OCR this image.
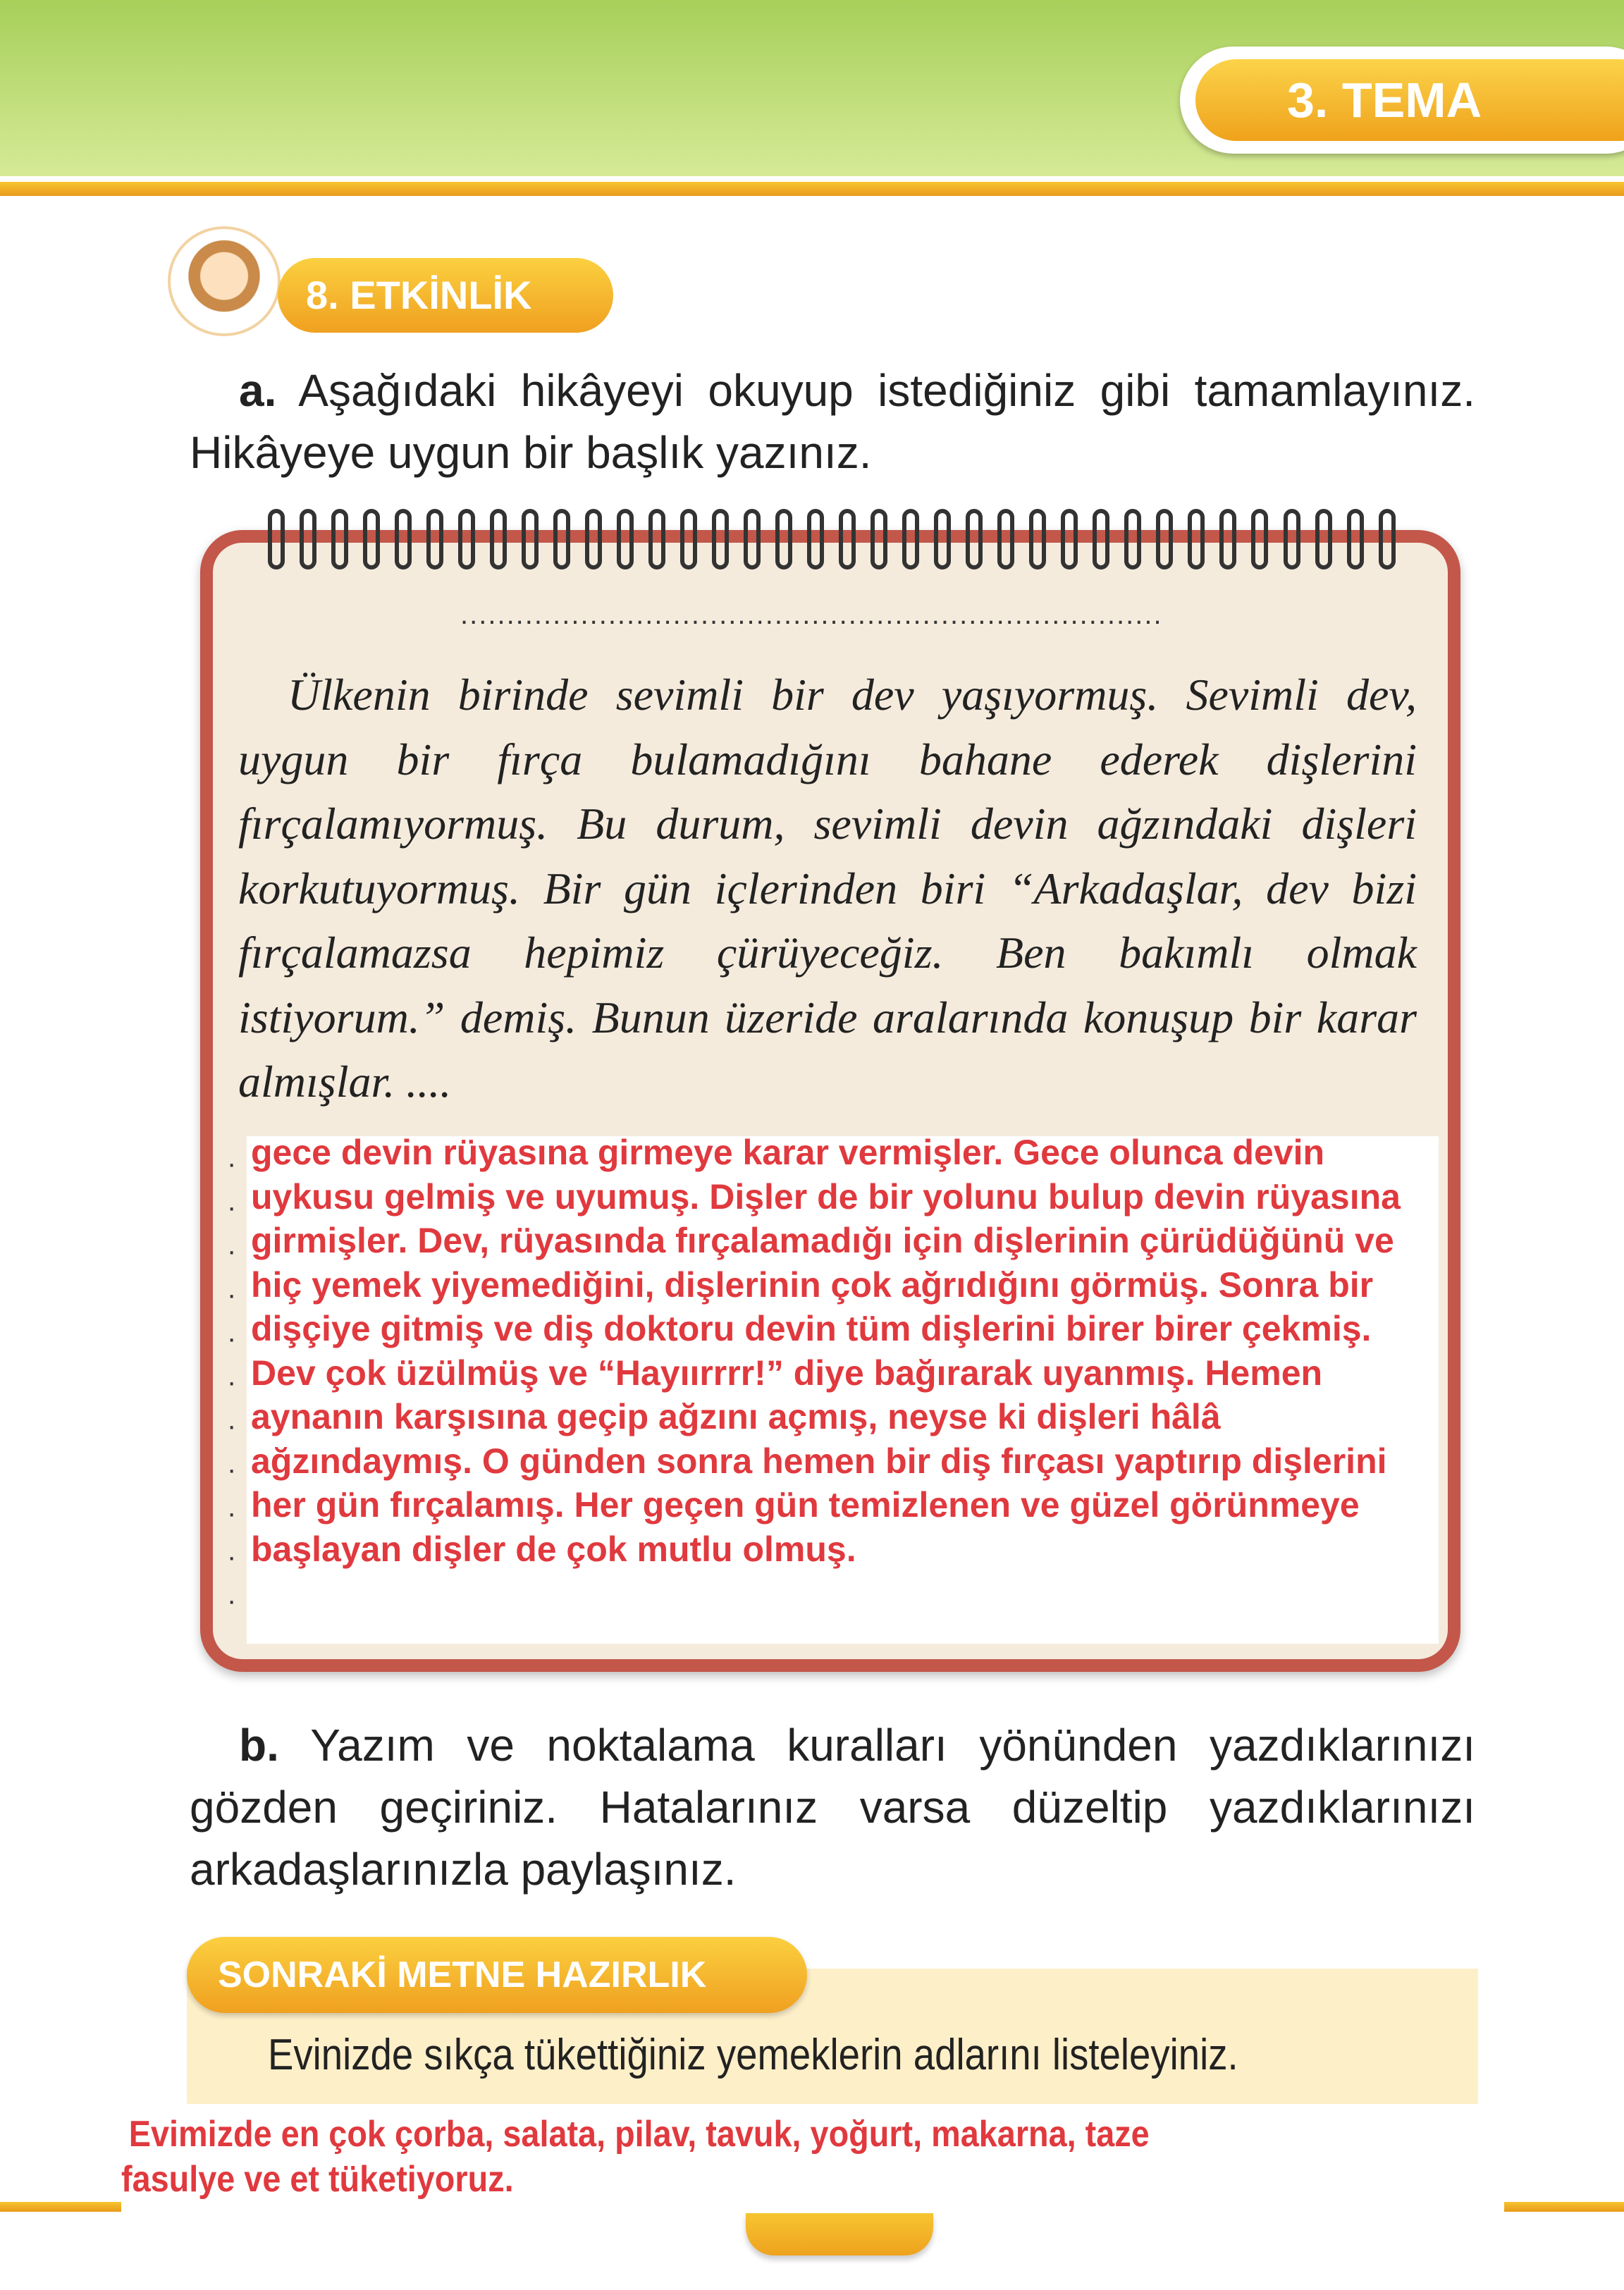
3. TEMA
8. ETKİNLİK
a. Aşağıdaki hikâyeyi okuyup istediğiniz gibi tamamlayınız. Hikâyeye uygun bir başlık yazınız.
............................................................................
Ülkenin birinde sevimli bir dev yaşıyormuş. Sevimli dev, uygun bir fırça bulamadığını bahane ederek dişlerini fırçalamıyormuş. Bu durum, sevimli devin ağzındaki dişleri korkutuyormuş. Bir gün içlerinden biri “Arkadaşlar, dev bizi fırçalamazsa hepimiz çürüyeceğiz. Ben bakımlı olmak istiyorum.” demiş. Bunun üzeride aralarında konuşup bir karar almışlar. ....
·
·
·
·
·
·
·
·
·
·
·
gece devin rüyasına girmeye karar vermişler. Gece olunca devin uykusu gelmiş ve uyumuş. Dişler de bir yolunu bulup devin rüyasına girmişler. Dev, rüyasında fırçalamadığı için dişlerinin çürüdüğünü ve hiç yemek yiyemediğini, dişlerinin çok ağrıdığını görmüş. Sonra bir dişçiye gitmiş ve diş doktoru devin tüm dişlerini birer birer çekmiş. Dev çok üzülmüş ve “Hayıırrrr!” diye bağırarak uyanmış. Hemen aynanın karşısına geçip ağzını açmış, neyse ki dişleri hâlâ ağzındaymış. O günden sonra hemen bir diş fırçası yaptırıp dişlerini her gün fırçalamış. Her geçen gün temizlenen ve güzel görünmeye başlayan dişler de çok mutlu olmuş.
b. Yazım ve noktalama kuralları yönünden yazdıklarınızı gözden geçiriniz. Hatalarınız varsa düzeltip yazdıklarınızı arkadaşlarınızla paylaşınız.
SONRAKİ METNE HAZIRLIK
Evinizde sıkça tükettiğiniz yemeklerin adlarını listeleyiniz.
Evimizde en çok çorba, salata, pilav, tavuk, yoğurt, makarna, taze
fasulye ve et tüketiyoruz.
